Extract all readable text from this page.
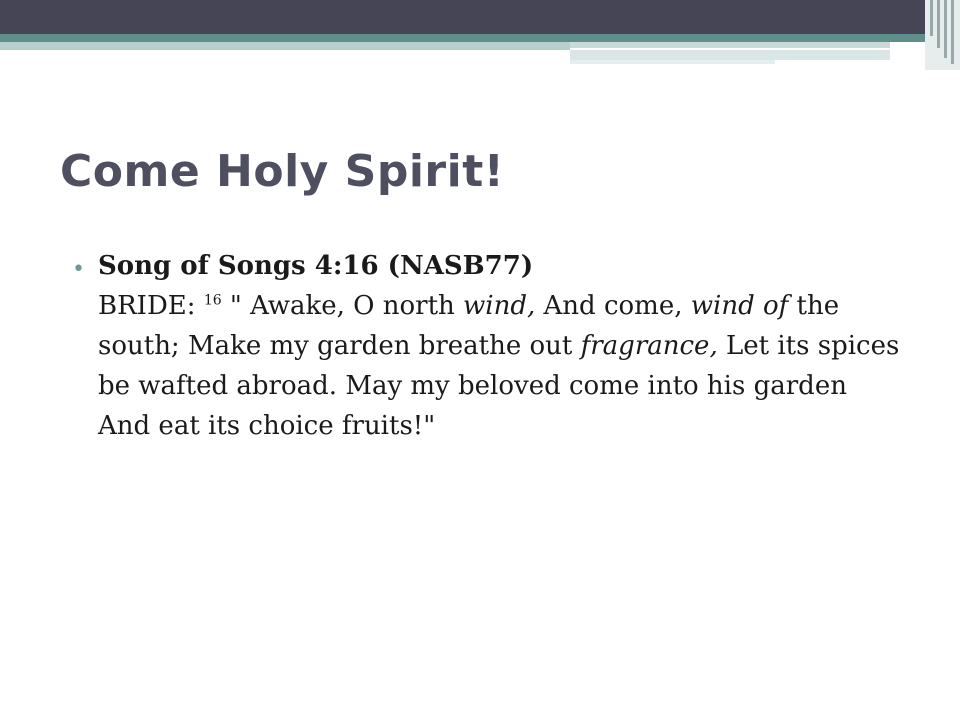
Come Holy Spirit!
• Song of Songs 4:16 (NASB77)
BRIDE: $^{16}$ " Awake, O north wind, And come, wind of the south; Make my garden breathe out fragrance, Let its spices be wafted abroad. May my beloved come into his garden And eat its choice fruits!"
